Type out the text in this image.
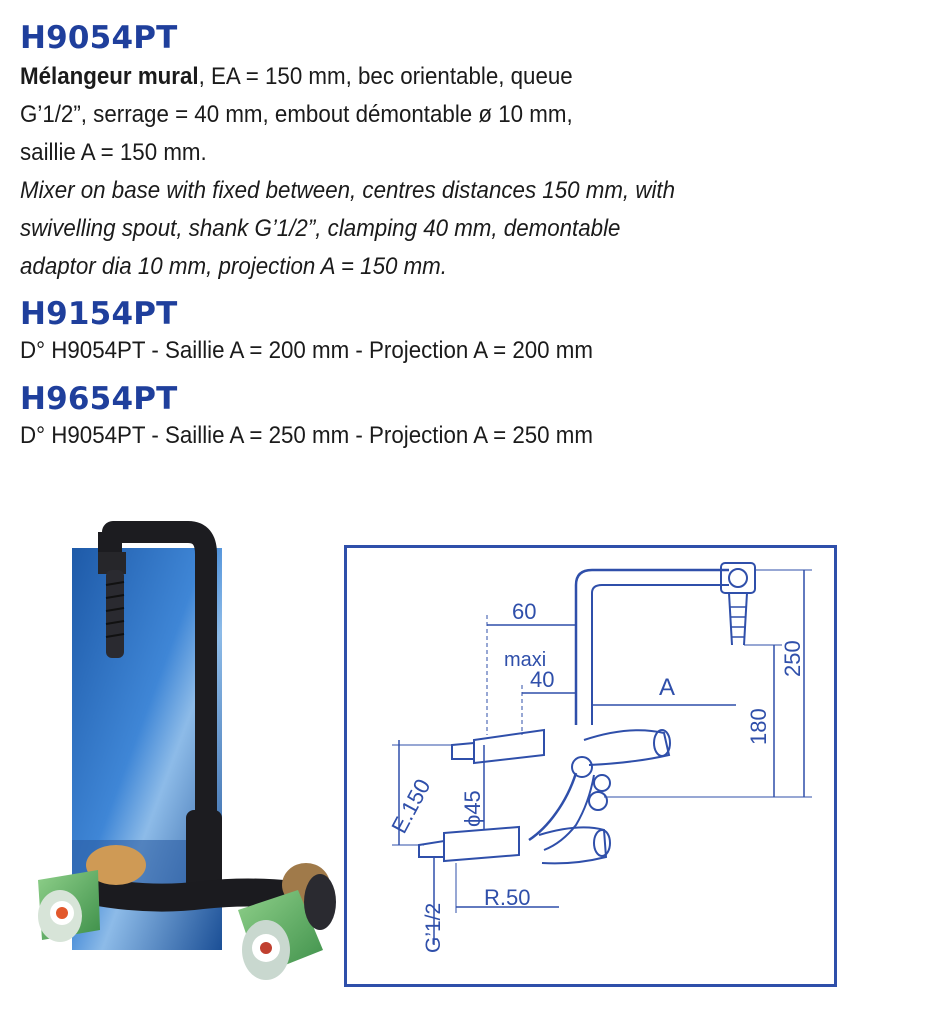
H9054PT
Mélangeur mural, EA = 150 mm, bec orientable, queue
G’1/2”, serrage = 40 mm, embout démontable ø 10 mm,
saillie A = 150 mm.
Mixer on base with fixed between, centres distances 150 mm, with
swivelling spout, shank G’1/2”, clamping 40 mm, demontable
adaptor dia 10 mm, projection A = 150 mm.
H9154PT
D° H9054PT - Saillie A = 200 mm - Projection A = 200 mm
H9654PT
D° H9054PT - Saillie A = 250 mm - Projection A = 250 mm
60
maxi
40	A
180
250
E.150 ϕ45
G’1/2
R.50
